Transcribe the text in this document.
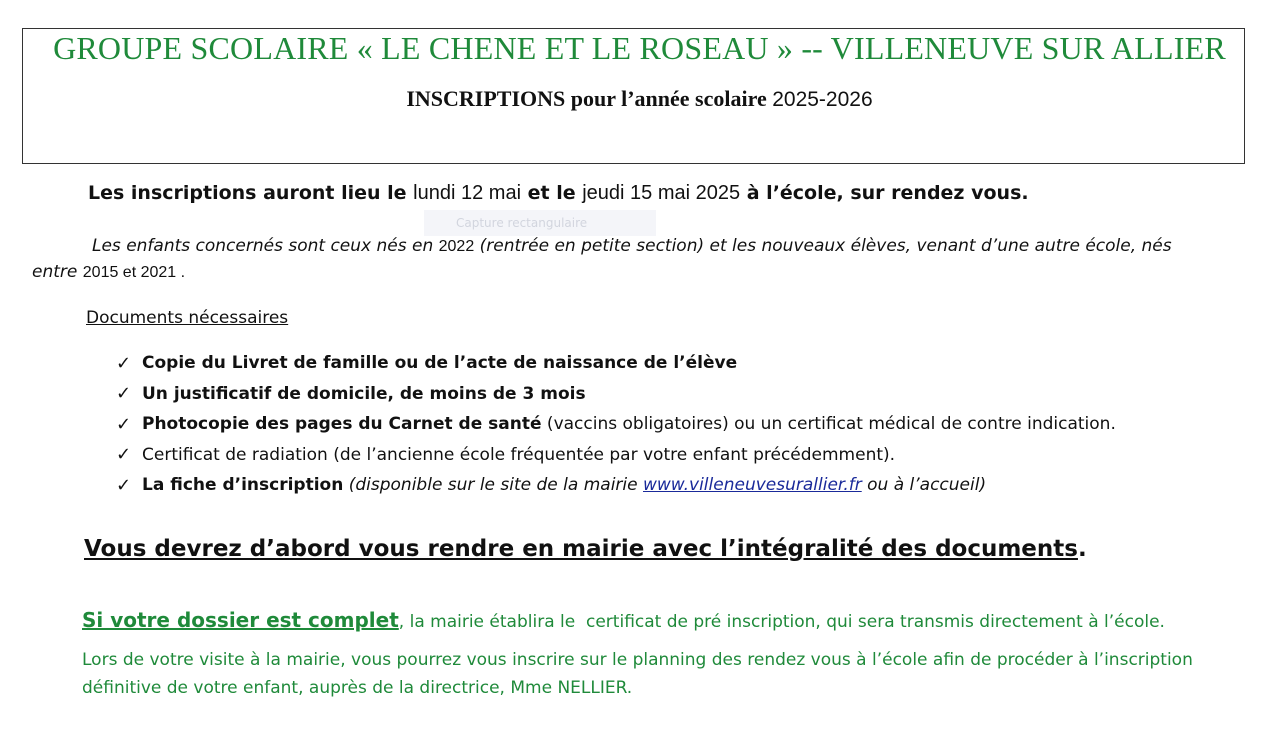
GROUPE SCOLAIRE « LE CHENE ET LE ROSEAU » -- VILLENEUVE SUR ALLIER
INSCRIPTIONS pour l’année scolaire 2025-2026
Les inscriptions auront lieu le lundi 12 mai et le jeudi 15 mai 2025 à l’école, sur rendez vous.
Capture rectangulaire
Les enfants concernés sont ceux nés en 2022 (rentrée en petite section) et les nouveaux élèves, venant d’une autre école, nés
entre 2015 et 2021 .
Documents nécessaires
✓ Copie du Livret de famille ou de l’acte de naissance de l’élève
✓ Un justificatif de domicile, de moins de 3 mois
✓ Photocopie des pages du Carnet de santé (vaccins obligatoires) ou un certificat médical de contre indication.
✓ Certificat de radiation (de l’ancienne école fréquentée par votre enfant précédemment).
✓ La fiche d’inscription (disponible sur le site de la mairie www.villeneuvesurallier.fr ou à l’accueil)
Vous devrez d’abord vous rendre en mairie avec l’intégralité des documents.
Si votre dossier est complet, la mairie établira le  certificat de pré inscription, qui sera transmis directement à l’école.
Lors de votre visite à la mairie, vous pourrez vous inscrire sur le planning des rendez vous à l’école afin de procéder à l’inscription
définitive de votre enfant, auprès de la directrice, Mme NELLIER.
